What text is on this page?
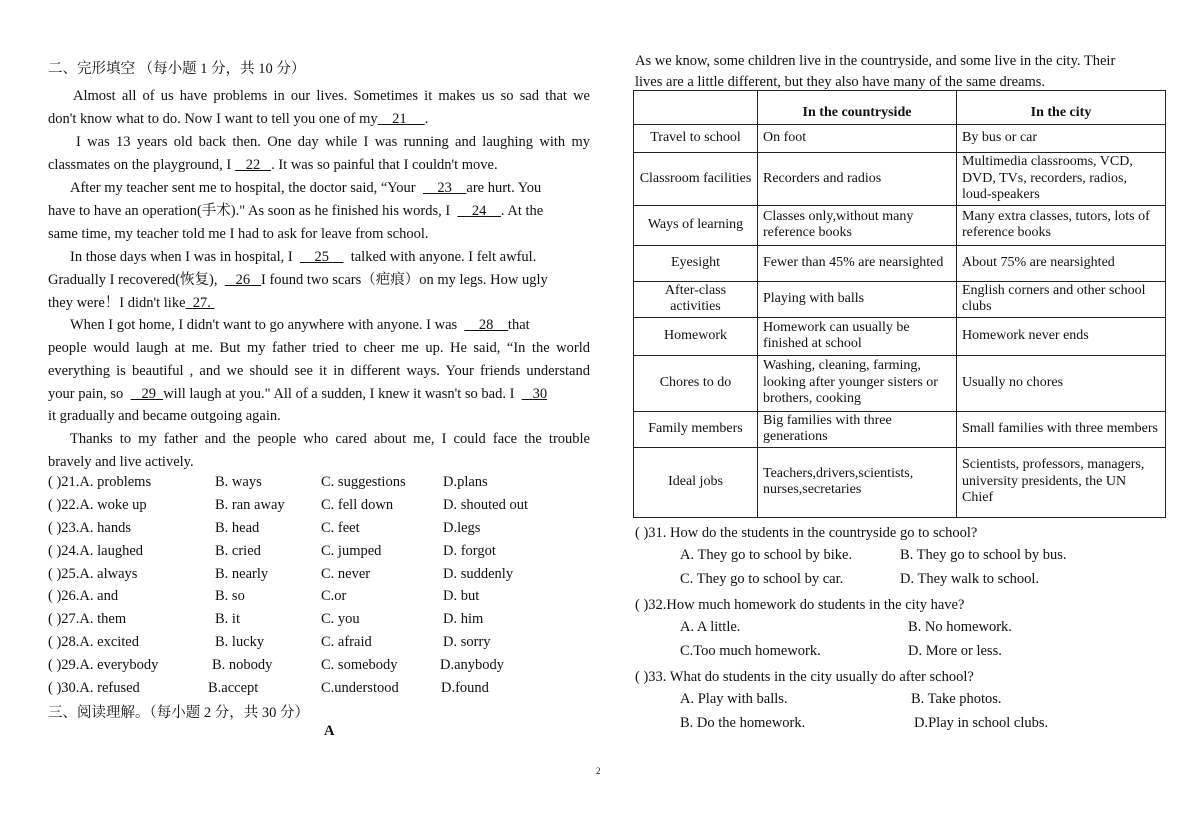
二、完形填空 （每小题 1 分，共 10 分）
Almost all of us have problems in our lives. Sometimes it makes us so sad that we
don't know what to do. Now I want to tell you one of my 21 .
I was 13 years old back then. One day while I was running and laughing with my
classmates on the playground, I 22 . It was so painful that I couldn't move.
After my teacher sent me to hospital, the doctor said, “Your 23 are hurt. You
have to have an operation(手术)." As soon as he finished his words, I 24 . At the
same time, my teacher told me I had to ask for leave from school.
In those days when I was in hospital, I 25 talked with anyone. I felt awful.
Gradually I recovered(恢复), 26 I found two scars（疤痕）on my legs. How ugly
they were！I didn't like 27.
When I got home, I didn't want to go anywhere with anyone. I was 28 that
people would laugh at me. But my father tried to cheer me up. He said, “In the world
everything is beautiful , and we should see it in different ways. Your friends understand
your pain, so 29 will laugh at you." All of a sudden, I knew it wasn't so bad. I 30
it gradually and became outgoing again.
Thanks to my father and the people who cared about me, I could face the trouble
bravely and live actively.
( )21.A. problems	B. ways	C. suggestions	D.plans
( )22.A. woke up	B. ran away	C. fell down	D. shouted out
( )23.A. hands	B. head	C. feet	D.legs
( )24.A. laughed	B. cried	C. jumped	D. forgot
( )25.A. always	B. nearly	C. never	D. suddenly
( )26.A. and	B. so	C.or	D. but
( )27.A. them	B. it	C. you	D. him
( )28.A. excited	B. lucky	C. afraid	D. sorry
( )29.A. everybody	B. nobody	C. somebody	D.anybody
( )30.A. refused	B.accept	C.understood	D.found
三、阅读理解。（每小题 2 分，共 30 分）
A
As we know, some children live in the countryside, and some live in the city. Their
lives are a little different, but they also have many of the same dreams.
	In the countryside	In the city
Travel to school	On foot	By bus or car
Classroom facilities	Recorders and radios	Multimedia classrooms, VCD, DVD, TVs, recorders, radios, loud-speakers
Ways of learning	Classes only,without many reference books	Many extra classes, tutors, lots of reference books
Eyesight	Fewer than 45% are nearsighted	About 75% are nearsighted
After-class activities	Playing with balls	English corners and other school clubs
Homework	Homework can usually be finished at school	Homework never ends
Chores to do	Washing, cleaning, farming, looking after younger sisters or brothers, cooking	Usually no chores
Family members	Big families with three generations	Small families with three members
Ideal jobs	Teachers,drivers,scientists, nurses,secretaries	Scientists, professors, managers, university presidents, the UN Chief
( )31. How do the students in the countryside go to school?
A. They go to school by bike.	B. They go to school by bus.
C. They go to school by car.	D. They walk to school.
( )32.How much homework do students in the city have?
A. A little.	B. No homework.
C.Too much homework.	D. More or less.
( )33. What do students in the city usually do after school?
A. Play with balls.	B. Take photos.
B. Do the homework.	D.Play in school clubs.
2
